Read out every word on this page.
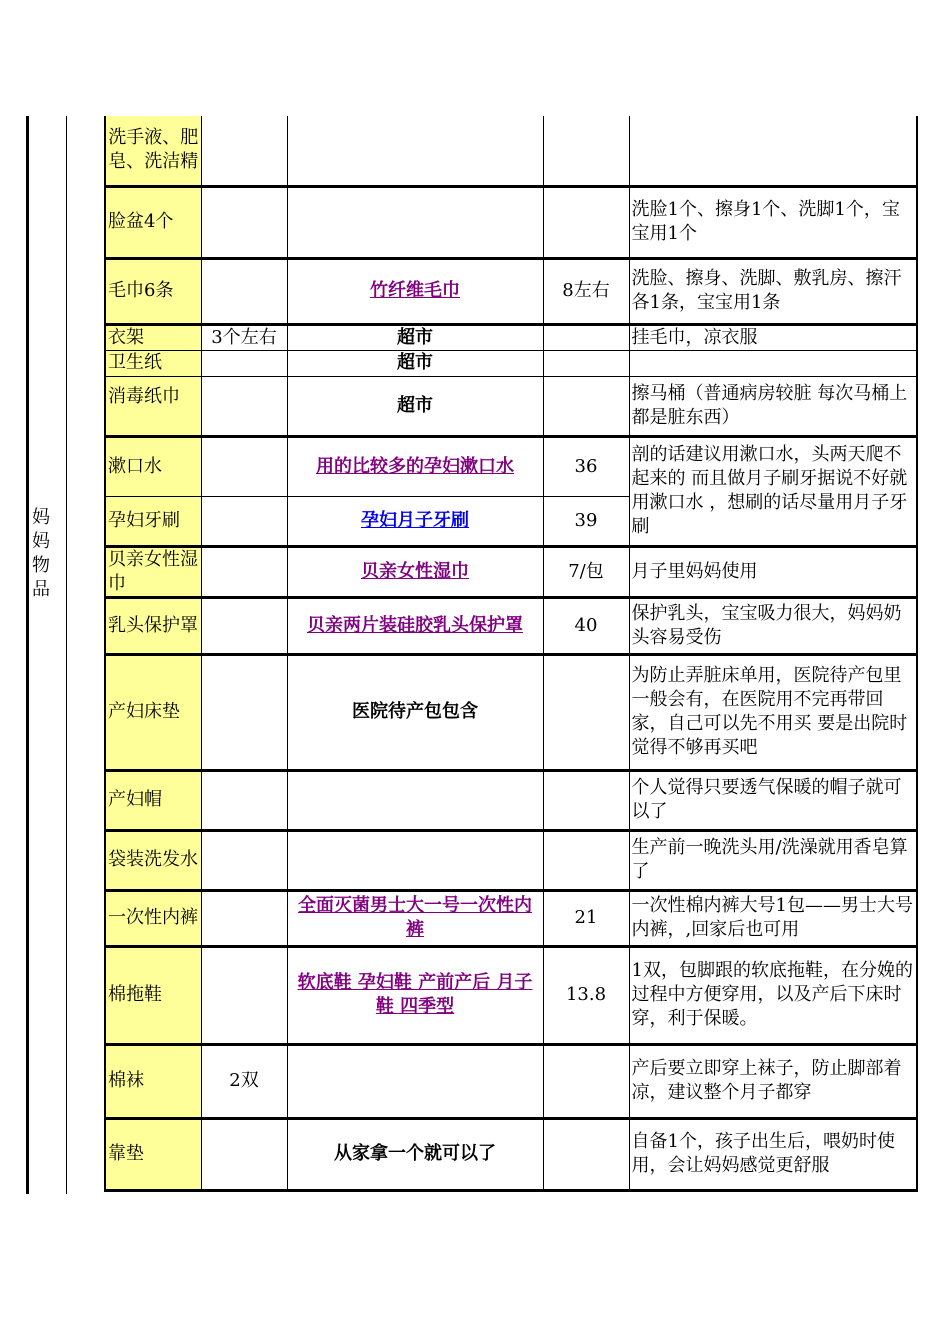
妈
妈
物
品
洗手液、肥皂、洗洁精				
脸盆4个				洗脸1个、擦身1个、洗脚1个，宝宝用1个
毛巾6条		竹纤维毛巾	8左右	洗脸、擦身、洗脚、敷乳房、擦汗各1条，宝宝用1条
衣架	3个左右	超市		挂毛巾，凉衣服
卫生纸		超市		
消毒纸巾		超市		擦马桶（普通病房较脏 每次马桶上都是脏东西）
漱口水		用的比较多的孕妇漱口水	36	剖的话建议用漱口水，头两天爬不起来的 而且做月子刷牙据说不好就用漱口水 ，想刷的话尽量用月子牙刷
孕妇牙刷		孕妇月子牙刷	39	
贝亲女性湿巾		贝亲女性湿巾	7/包	月子里妈妈使用
乳头保护罩		贝亲两片装硅胶乳头保护罩	40	保护乳头，宝宝吸力很大，妈妈奶头容易受伤
产妇床垫		医院待产包包含		为防止弄脏床单用，医院待产包里一般会有，在医院用不完再带回家，自己可以先不用买 要是出院时觉得不够再买吧
产妇帽				个人觉得只要透气保暖的帽子就可以了
袋装洗发水				生产前一晚洗头用/洗澡就用香皂算了
一次性内裤		全面灭菌男士大一号一次性内裤	21	一次性棉内裤大号1包——男士大号内裤，,回家后也可用
棉拖鞋		软底鞋 孕妇鞋 产前产后 月子鞋 四季型	13.8	1双，包脚跟的软底拖鞋，在分娩的过程中方便穿用，以及产后下床时穿，利于保暖。
棉袜	2双			产后要立即穿上袜子，防止脚部着凉，建议整个月子都穿
靠垫		从家拿一个就可以了		自备1个，孩子出生后，喂奶时使用，会让妈妈感觉更舒服
